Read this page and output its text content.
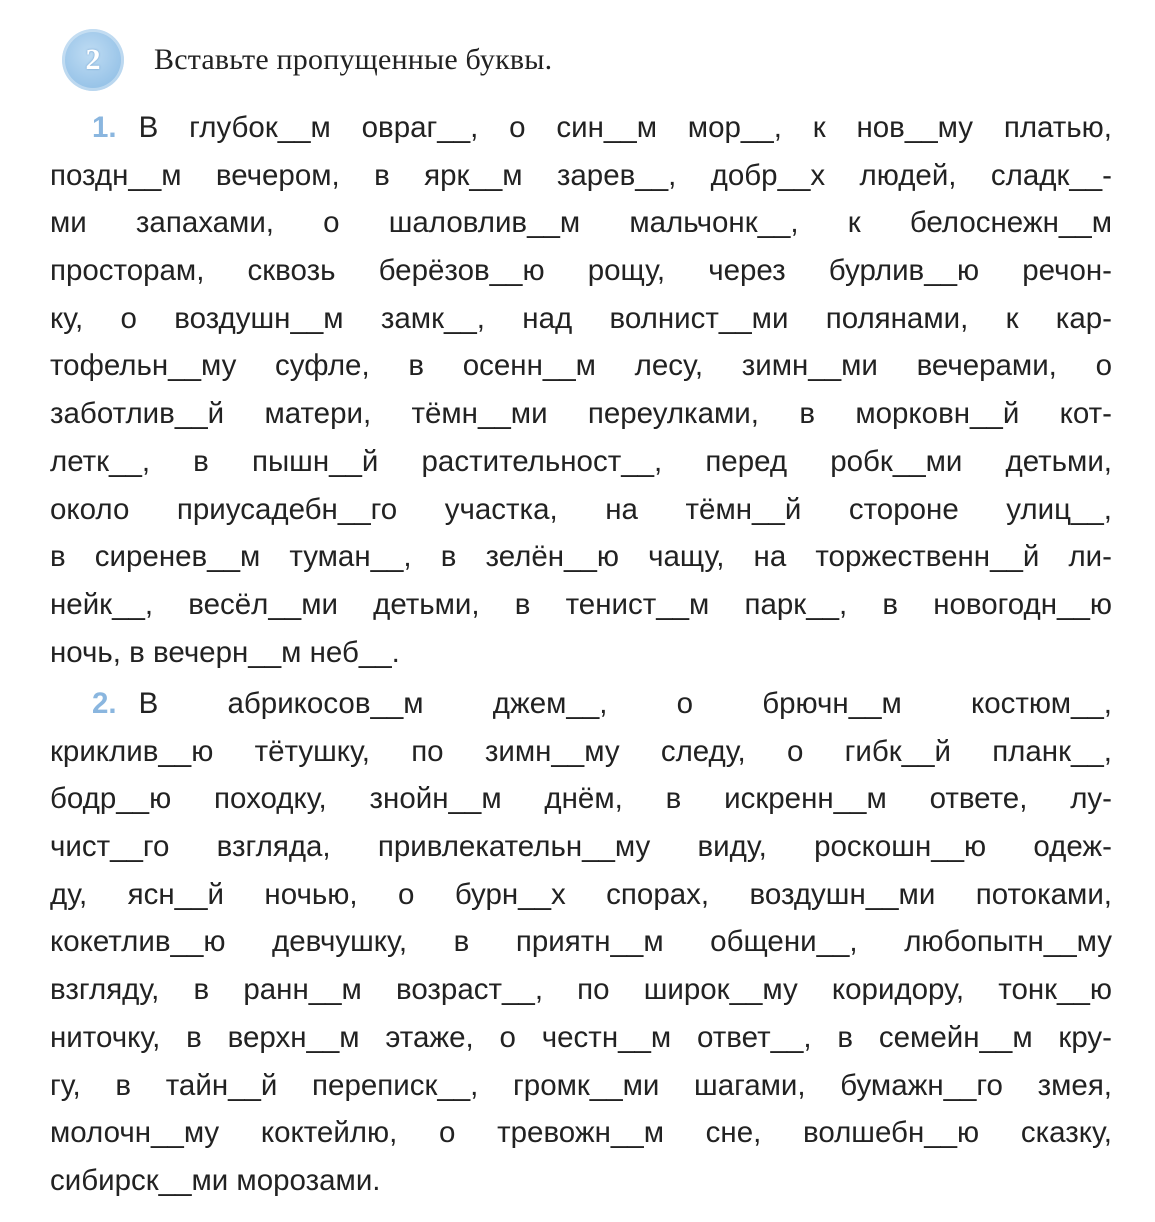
2 Вставьте пропущенные буквы.
1. В глубок__м овраг__, о син__м мор__, к нов__му платью,
поздн__м вечером, в ярк__м зарев__, добр__х людей, сладк__-
ми запахами, о шаловлив__м мальчонк__, к белоснежн__м
просторам, сквозь берёзов__ю рощу, через бурлив__ю речон-
ку, о воздушн__м замк__, над волнист__ми полянами, к кар-
тофельн__му суфле, в осенн__м лесу, зимн__ми вечерами, о
заботлив__й матери, тёмн__ми переулками, в морковн__й кот-
летк__, в пышн__й растительност__, перед робк__ми детьми,
около приусадебн__го участка, на тёмн__й стороне улиц__,
в сиренев__м туман__, в зелён__ю чащу, на торжественн__й ли-
нейк__, весёл__ми детьми, в тенист__м парк__, в новогодн__ю
ночь, в вечерн__м неб__.
2. В абрикосов__м джем__, о брючн__м костюм__,
криклив__ю тётушку, по зимн__му следу, о гибк__й планк__,
бодр__ю походку, знойн__м днём, в искренн__м ответе, лу-
чист__го взгляда, привлекательн__му виду, роскошн__ю одеж-
ду, ясн__й ночью, о бурн__х спорах, воздушн__ми потоками,
кокетлив__ю девчушку, в приятн__м общени__, любопытн__му
взгляду, в ранн__м возраст__, по широк__му коридору, тонк__ю
ниточку, в верхн__м этаже, о честн__м ответ__, в семейн__м кру-
гу, в тайн__й переписк__, громк__ми шагами, бумажн__го змея,
молочн__му коктейлю, о тревожн__м сне, волшебн__ю сказку,
сибирск__ми морозами.
